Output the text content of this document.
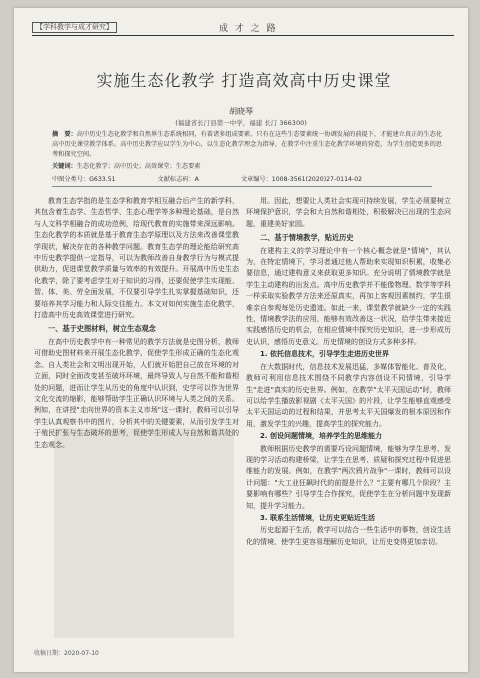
【学科教学与成才研究】	成 才 之 路
实施生态化教学 打造高效高中历史课堂
胡晓琴
(福建省长汀县第一中学，福建 长汀 366300)
摘　要：高中历史生态化教学和自然界生态系统相同，有着诸多组成要素，只有在这些生态要素统一协调发展的前提下，才能建立真正的生态化高中历史课堂教学体系。高中历史教学应以学生为中心，以生态化教学理念为指导，在教学中注重生态化教学环境的营造，为学生创造更多的思考和探究空间。
关键词：生态化教学；高中历史；高效课堂；生态要素
中图分类号：G633.51	文献标志码：A	文章编号：1008-3561(2020)27-0114-02

教育生态学指的是生态学和教育学相互融合后产生的新学科，其包含着生态学、生态哲学、生态心理学等多种理论基础，是自然与人文科学相融合的成功范例，给现代教育的实施带来深远影响。生态化教学的本质就是基于教育生态学原理以及方法来改善课堂教学现状，解决存在的各种教学问题。教育生态学的理论能给研究高中历史教学提供一定指导，可以为教师改善自身教学行为与模式提供助力，促进课堂教学质量与效率的有效提升。开展高中历史生态化教学，除了要考虑学生对于知识的习得，还要促使学生实现能、智、体、美、劳全面发展，不仅要引导学生扎实掌握基础知识，还要培养其学习能力和人际交往能力。本文对如何实施生态化教学，打造高中历史高效课堂进行研究。

一、基于史图材料，树立生态观念

在高中历史教学中有一种常见的教学方法就是史图分析，教师可借助史图材料来开展生态化教学，促使学生形成正确的生态化观念。自人类社会和文明出现开始，人们就开始把自己放在环境的对立面，同时全面改变甚至破坏环境，最终导致人与自然不能和谐相处的问题，进而让学生从历史的角度中认识到，史学可以作为世界文化交流的缩影，能够帮助学生正确认识环境与人类之间的关系。例如，在讲授"走向世界的资本主义市场"这一课时，教师可以引导学生认真观察书中的图片，分析其中的关键要素，从而引发学生对于殖民扩张与生态破坏的思考，促使学生形成人与自然和谐共处的生态观念。

用。因此，想要让人类社会实现可持续发展，学生必须要树立环境保护意识，学会和大自然和谐相处，积极解决已出现的生态问题，重建美好家园。

二、基于情境教学，贴近历史

在建构主义的学习理论中有一个核心概念就是"情境"，其认为，在特定情境下，学习者通过他人帮助来实现知识积累，收集必要信息，通过建构意义来获取更多知识。充分说明了情境教学就是学生主动建构的出发点。高中历史教学并不能像物理、数学等学科一样采取实验教学方法来还原真实，再加上客观因素制约，学生很难亲自参观每处历史遗迹。如此一来，课堂教学就缺少一定的实践性，情境教学法的应用，能够有效改善这一状况，给学生带来接近实践感悟历史的机会，在相应情境中探究历史知识，进一步形成历史认识，感悟历史意义。历史情境的创设方式多种多样。

1. 依托信息技术，引导学生走进历史世界

在大数据时代，信息技术发展迅猛，多媒体智能化、普及化，教师可利用信息技术围绕不同教学内容创设不同情境，引导学生"走进"真实的历史世界。例如，在教学"太平天国运动"时，教师可以给学生播放影视剧《太平天国》的片段，让学生能够直观感受太平天国运动的过程和结果，并思考太平天国爆发的根本原因和作用，激发学生的兴趣，提高学生的探究能力。

2. 创设问题情境，培养学生的思维能力

教师根据历史教学的需要巧设问题情境，能够为学生思考、发现的学习活动构建桥梁，让学生在思考、质疑和探究过程中促进思维能力的发展。例如，在教学"两次鸦片战争"一课时，教师可以设计问题："大工业狂飙时代的前提是什么？"主要有哪几个阶段？主要影响有哪些？引导学生合作探究，促使学生在分析问题中发现新知，提升学习能力。

3. 联系生活情境，让历史更贴近生活

历史起源于生活，教学可以结合一些生活中的事物，创设生活化的情境，使学生更容易理解历史知识，让历史变得更加亲切。

收稿日期：2020-07-10
